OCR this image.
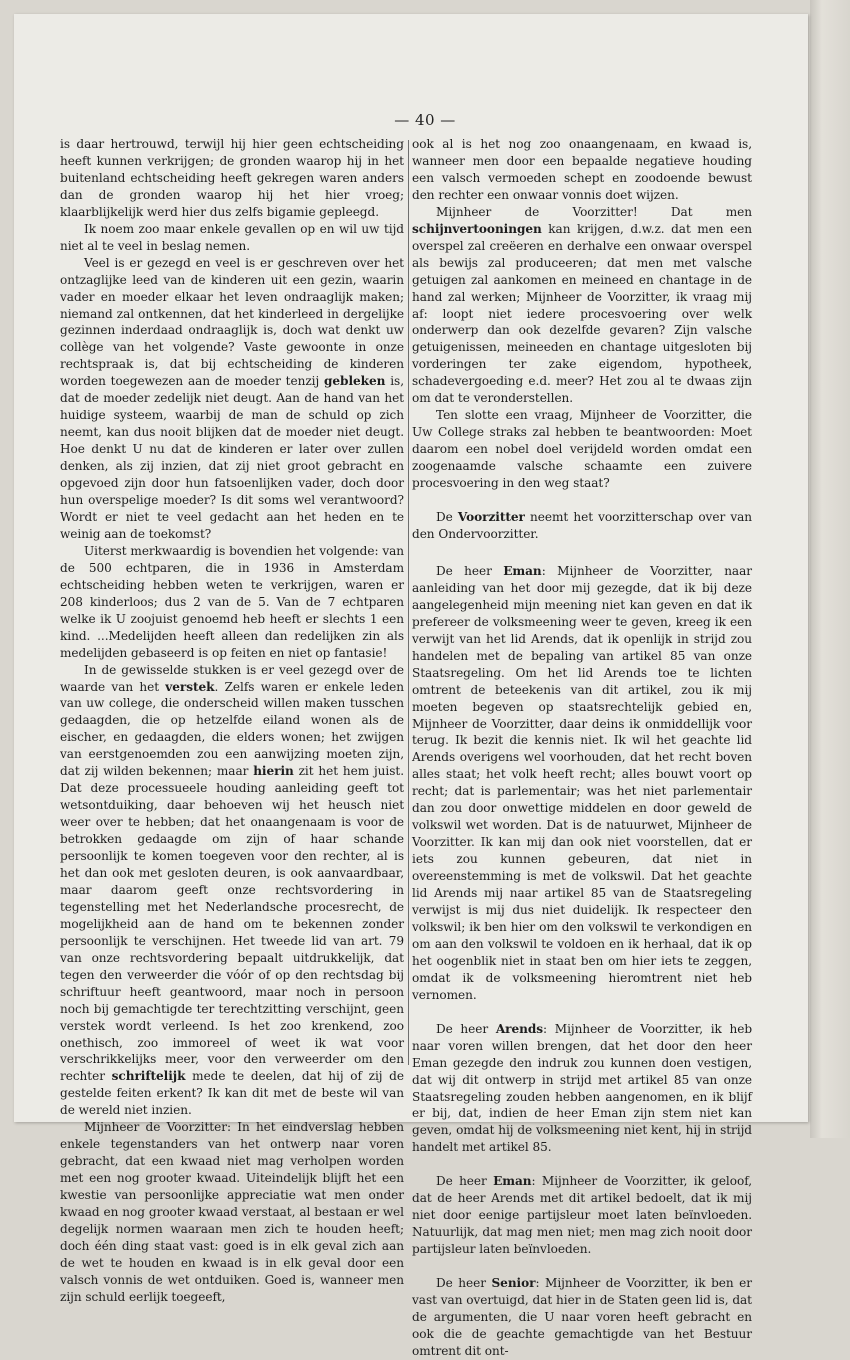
— 40 —

is daar hertrouwd, terwijl hij hier geen echtscheiding heeft kunnen verkrijgen; de gronden waarop hij in het buitenland echtscheiding heeft gekregen waren anders dan de gronden waarop hij het hier vroeg; klaarblijkelijk werd hier dus zelfs bigamie gepleegd.

Ik noem zoo maar enkele gevallen op en wil uw tijd niet al te veel in beslag nemen.

Veel is er gezegd en veel is er geschreven over het ontzaglijke leed van de kinderen uit een gezin, waarin vader en moeder elkaar het leven ondraaglijk maken; niemand zal ontkennen, dat het kinderleed in dergelijke gezinnen inderdaad ondraaglijk is, doch wat denkt uw collège van het volgende? Vaste gewoonte in onze rechtspraak is, dat bij echtscheiding de kinderen worden toegewezen aan de moeder tenzij gebleken is, dat de moeder zedelijk niet deugt. Aan de hand van het huidige systeem, waarbij de man de schuld op zich neemt, kan dus nooit blijken dat de moeder niet deugt. Hoe denkt U nu dat de kinderen er later over zullen denken, als zij inzien, dat zij niet groot gebracht en opgevoed zijn door hun fatsoenlijken vader, doch door hun overspelige moeder? Is dit soms wel verantwoord? Wordt er niet te veel gedacht aan het heden en te weinig aan de toekomst?

Uiterst merkwaardig is bovendien het volgende: van de 500 echtparen, die in 1936 in Amsterdam echtscheiding hebben weten te verkrijgen, waren er 208 kinderloos; dus 2 van de 5. Van de 7 echtparen welke ik U zoojuist genoemd heb heeft er slechts 1 een kind. ...Medelijden heeft alleen dan redelijken zin als medelijden gebaseerd is op feiten en niet op fantasie!

In de gewisselde stukken is er veel gezegd over de waarde van het verstek. Zelfs waren er enkele leden van uw college, die onderscheid willen maken tusschen gedaagden, die op hetzelfde eiland wonen als de eischer, en gedaagden, die elders wonen; het zwijgen van eerstgenoemden zou een aanwijzing moeten zijn, dat zij wilden bekennen; maar hierin zit het hem juist. Dat deze processueele houding aanleiding geeft tot wetsontduiking, daar behoeven wij het heusch niet weer over te hebben; dat het onaangenaam is voor de betrokken gedaagde om zijn of haar schande persoonlijk te komen toegeven voor den rechter, al is het dan ook met gesloten deuren, is ook aanvaardbaar, maar daarom geeft onze rechtsvordering in tegenstelling met het Nederlandsche procesrecht, de mogelijkheid aan de hand om te bekennen zonder persoonlijk te verschijnen. Het tweede lid van art. 79 van onze rechtsvordering bepaalt uitdrukkelijk, dat tegen den verweerder die vóór of op den rechtsdag bij schriftuur heeft geantwoord, maar noch in persoon noch bij gemachtigde ter terechtzitting verschijnt, geen verstek wordt verleend. Is het zoo krenkend, zoo onethisch, zoo immoreel of weet ik wat voor verschrikkelijks meer, voor den verweerder om den rechter schriftelijk mede te deelen, dat hij of zij de gestelde feiten erkent? Ik kan dit met de beste wil van de wereld niet inzien.

Mijnheer de Voorzitter: In het eindverslag hebben enkele tegenstanders van het ontwerp naar voren gebracht, dat een kwaad niet mag verholpen worden met een nog grooter kwaad. Uiteindelijk blijft het een kwestie van persoonlijke appreciatie wat men onder kwaad en nog grooter kwaad verstaat, al bestaan er wel degelijk normen waaraan men zich te houden heeft; doch één ding staat vast: goed is in elk geval zich aan de wet te houden en kwaad is in elk geval door een valsch vonnis de wet ontduiken. Goed is, wanneer men zijn schuld eerlijk toegeeft,

ook al is het nog zoo onaangenaam, en kwaad is, wanneer men door een bepaalde negatieve houding een valsch vermoeden schept en zoodoende bewust den rechter een onwaar vonnis doet wijzen.

Mijnheer de Voorzitter! Dat men schijnvertooningen kan krijgen, d.w.z. dat men een overspel zal creëeren en derhalve een onwaar overspel als bewijs zal produceeren; dat men met valsche getuigen zal aankomen en meineed en chantage in de hand zal werken; Mijnheer de Voorzitter, ik vraag mij af: loopt niet iedere procesvoering over welk onderwerp dan ook dezelfde gevaren? Zijn valsche getuigenissen, meineeden en chantage uitgesloten bij vorderingen ter zake eigendom, hypotheek, schadevergoeding e.d. meer? Het zou al te dwaas zijn om dat te veronderstellen.

Ten slotte een vraag, Mijnheer de Voorzitter, die Uw College straks zal hebben te beantwoorden: Moet daarom een nobel doel verijdeld worden omdat een zoogenaamde valsche schaamte een zuivere procesvoering in den weg staat?

De Voorzitter neemt het voorzitterschap over van den Ondervoorzitter.

De heer Eman: Mijnheer de Voorzitter, naar aanleiding van het door mij gezegde, dat ik bij deze aangelegenheid mijn meening niet kan geven en dat ik prefereer de volksmeening weer te geven, kreeg ik een verwijt van het lid Arends, dat ik openlijk in strijd zou handelen met de bepaling van artikel 85 van onze Staatsregeling. Om het lid Arends toe te lichten omtrent de beteekenis van dit artikel, zou ik mij moeten begeven op staatsrechtelijk gebied en, Mijnheer de Voorzitter, daar deins ik onmiddellijk voor terug. Ik bezit die kennis niet. Ik wil het geachte lid Arends overigens wel voorhouden, dat het recht boven alles staat; het volk heeft recht; alles bouwt voort op recht; dat is parlementair; was het niet parlementair dan zou door onwettige middelen en door geweld de volkswil wet worden. Dat is de natuurwet, Mijnheer de Voorzitter. Ik kan mij dan ook niet voorstellen, dat er iets zou kunnen gebeuren, dat niet in overeenstemming is met de volkswil. Dat het geachte lid Arends mij naar artikel 85 van de Staatsregeling verwijst is mij dus niet duidelijk. Ik respecteer den volkswil; ik ben hier om den volkswil te verkondigen en om aan den volkswil te voldoen en ik herhaal, dat ik op het oogenblik niet in staat ben om hier iets te zeggen, omdat ik de volksmeening hieromtrent niet heb vernomen.

De heer Arends: Mijnheer de Voorzitter, ik heb naar voren willen brengen, dat het door den heer Eman gezegde den indruk zou kunnen doen vestigen, dat wij dit ontwerp in strijd met artikel 85 van onze Staatsregeling zouden hebben aangenomen, en ik blijf er bij, dat, indien de heer Eman zijn stem niet kan geven, omdat hij de volksmeening niet kent, hij in strijd handelt met artikel 85.

De heer Eman: Mijnheer de Voorzitter, ik geloof, dat de heer Arends met dit artikel bedoelt, dat ik mij niet door eenige partijsleur moet laten beïnvloeden. Natuurlijk, dat mag men niet; men mag zich nooit door partijsleur laten beïnvloeden.

De heer Senior: Mijnheer de Voorzitter, ik ben er vast van overtuigd, dat hier in de Staten geen lid is, dat de argumenten, die U naar voren heeft gebracht en ook die de geachte gemachtigde van het Bestuur omtrent dit ont-
